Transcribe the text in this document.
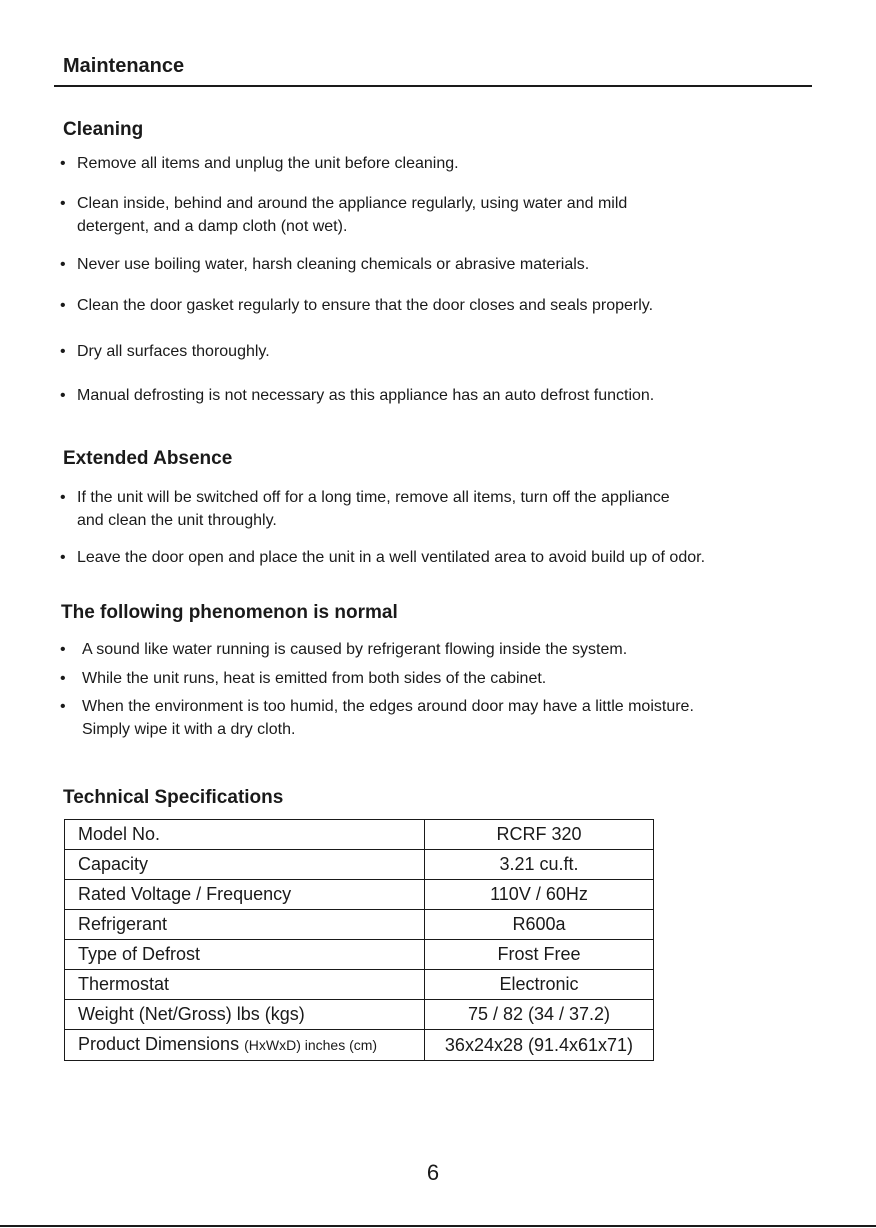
Maintenance
Cleaning
• Remove all items and unplug the unit before cleaning.
• Clean inside, behind and around the appliance regularly, using water and mild
detergent, and a damp cloth (not wet).
• Never use boiling water, harsh cleaning chemicals or abrasive materials.
• Clean the door gasket regularly to ensure that the door closes and seals properly.
• Dry all surfaces thoroughly.
• Manual defrosting is not necessary as this appliance has an auto defrost function.
Extended Absence
• If the unit will be switched off for a long time, remove all items, turn off the appliance
and clean the unit throughly.
• Leave the door open and place the unit in a well ventilated area to avoid build up of odor.
The following phenomenon is normal
•	A sound like water running is caused by refrigerant flowing inside the system.
•	While the unit runs, heat is emitted from both sides of the cabinet.
•	When the environment is too humid, the edges around door may have a little moisture.
Simply wipe it with a dry cloth.
Technical Specifications
Model No.	RCRF 320
Capacity	3.21 cu.ft.
Rated Voltage / Frequency	110V / 60Hz
Refrigerant	R600a
Type of Defrost	Frost Free
Thermostat	Electronic
Weight (Net/Gross) lbs (kgs)	75 / 82 (34 / 37.2)
Product Dimensions (HxWxD) inches (cm)	36x24x28 (91.4x61x71)

6
